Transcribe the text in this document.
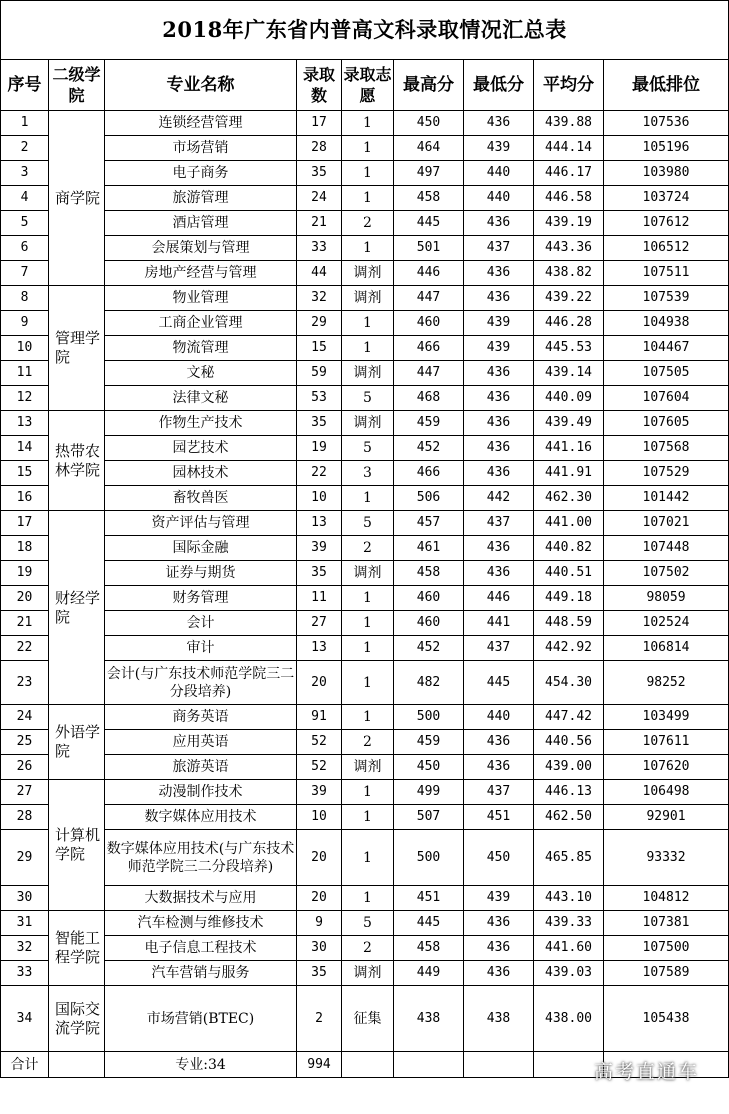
2018年广东省内普高文科录取情况汇总表								
序号	二级学院	专业名称	录取数	录取志愿	最高分	最低分	平均分	最低排位
1	商学院	连锁经营管理	17	1	450	436	439.88	107536
2		市场营销	28	1	464	439	444.14	105196
3		电子商务	35	1	497	440	446.17	103980
4		旅游管理	24	1	458	440	446.58	103724
5		酒店管理	21	2	445	436	439.19	107612
6		会展策划与管理	33	1	501	437	443.36	106512
7		房地产经营与管理	44	调剂	446	436	438.82	107511
8	管理学院	物业管理	32	调剂	447	436	439.22	107539
9		工商企业管理	29	1	460	439	446.28	104938
10		物流管理	15	1	466	439	445.53	104467
11		文秘	59	调剂	447	436	439.14	107505
12		法律文秘	53	5	468	436	440.09	107604
13	热带农林学院	作物生产技术	35	调剂	459	436	439.49	107605
14		园艺技术	19	5	452	436	441.16	107568
15		园林技术	22	3	466	436	441.91	107529
16		畜牧兽医	10	1	506	442	462.30	101442
17	财经学院	资产评估与管理	13	5	457	437	441.00	107021
18		国际金融	39	2	461	436	440.82	107448
19		证券与期货	35	调剂	458	436	440.51	107502
20		财务管理	11	1	460	446	449.18	98059
21		会计	27	1	460	441	448.59	102524
22		审计	13	1	452	437	442.92	106814
23		会计(与广东技术师范学院三二分段培养)	20	1	482	445	454.30	98252
24	外语学院	商务英语	91	1	500	440	447.42	103499
25		应用英语	52	2	459	436	440.56	107611
26		旅游英语	52	调剂	450	436	439.00	107620
27	计算机学院	动漫制作技术	39	1	499	437	446.13	106498
28		数字媒体应用技术	10	1	507	451	462.50	92901
29		数字媒体应用技术(与广东技术师范学院三二分段培养)	20	1	500	450	465.85	93332
30		大数据技术与应用	20	1	451	439	443.10	104812
31	智能工程学院	汽车检测与维修技术	9	5	445	436	439.33	107381
32		电子信息工程技术	30	2	458	436	441.60	107500
33		汽车营销与服务	35	调剂	449	436	439.03	107589
34	国际交流学院	市场营销(BTEC)	2	征集	438	438	438.00	105438
合计		专业:34	994						高考直通车
